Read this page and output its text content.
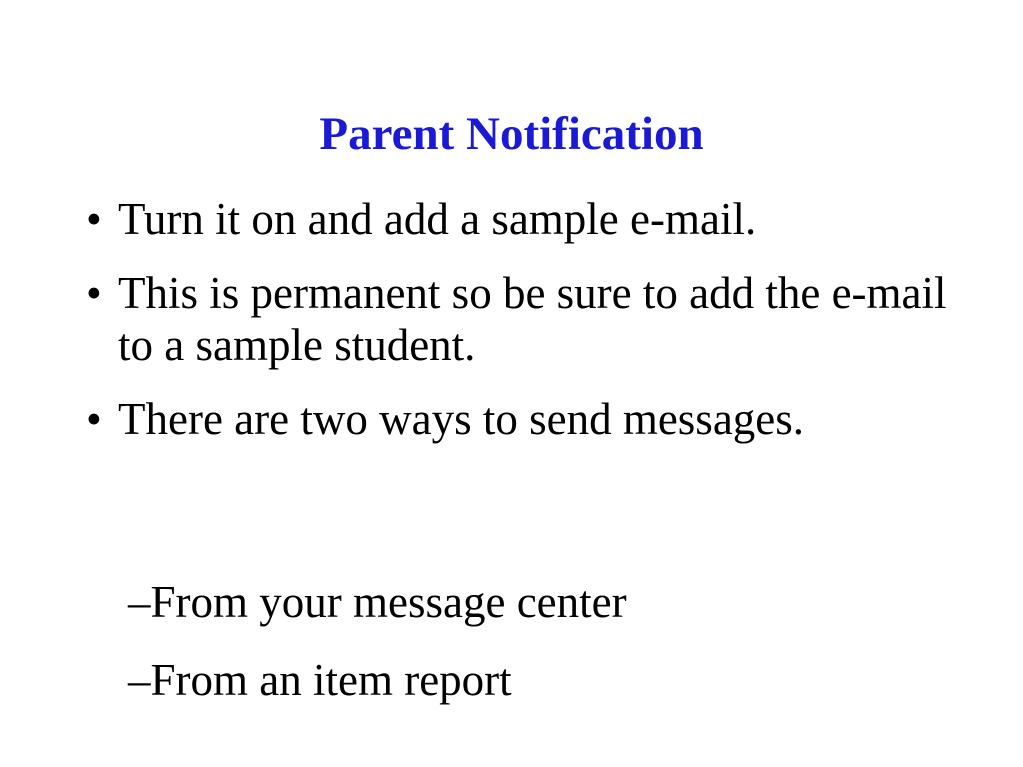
Parent Notification
• Turn it on and add a sample e-mail.
• This is permanent so be sure to add the e-mail to a sample student.
• There are two ways to send messages.
–From your message center
–From an item report
